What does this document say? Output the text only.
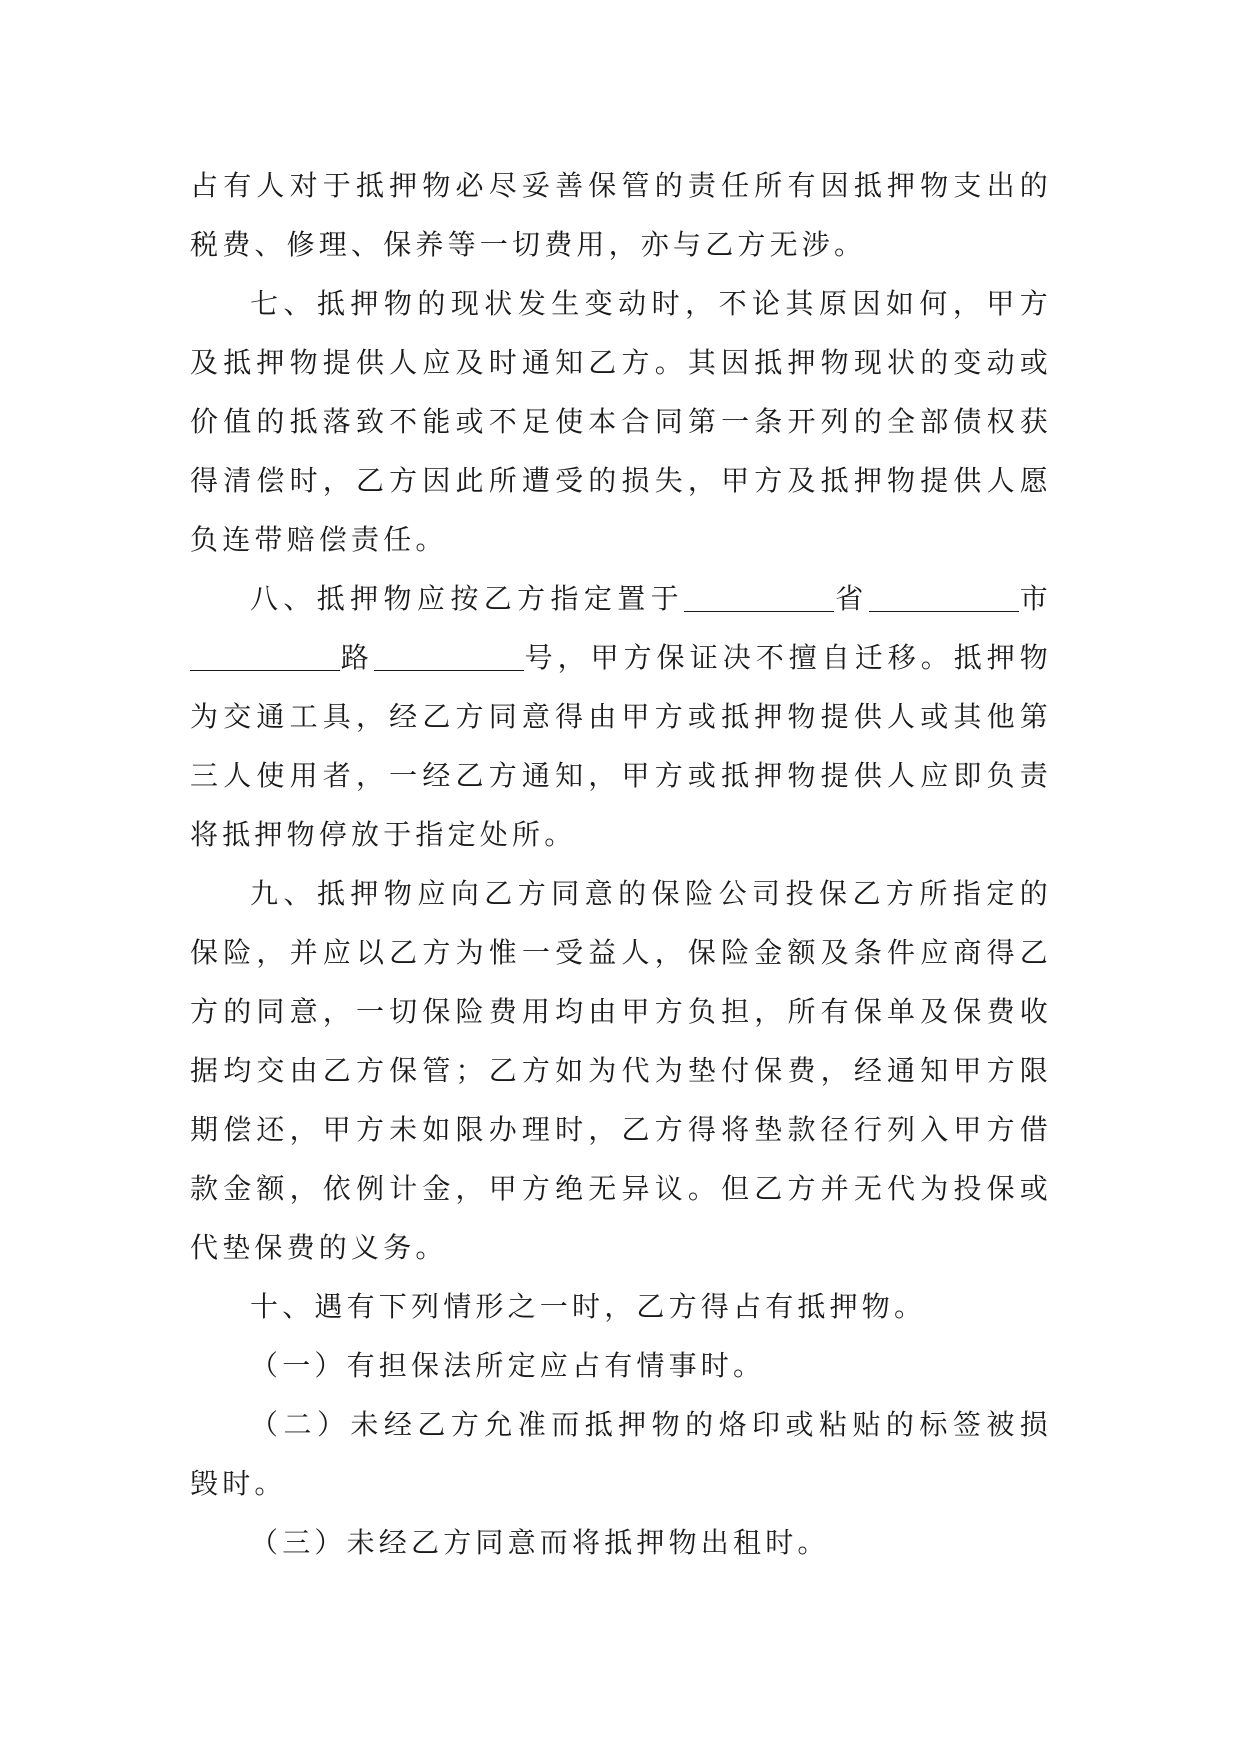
占有人对于抵押物必尽妥善保管的责任所有因抵押物支出的税费、修理、保养等一切费用，亦与乙方无涉。

七、抵押物的现状发生变动时，不论其原因如何，甲方及抵押物提供人应及时通知乙方。其因抵押物现状的变动或价值的抵落致不能或不足使本合同第一条开列的全部债权获得清偿时，乙方因此所遭受的损失，甲方及抵押物提供人愿负连带赔偿责任。

八、抵押物应按乙方指定置于	省	市路	号，甲方保证决不擅自迁移。抵押物为交通工具，经乙方同意得由甲方或抵押物提供人或其他第三人使用者，一经乙方通知，甲方或抵押物提供人应即负责将抵押物停放于指定处所。

九、抵押物应向乙方同意的保险公司投保乙方所指定的保险，并应以乙方为惟一受益人，保险金额及条件应商得乙方的同意，一切保险费用均由甲方负担，所有保单及保费收据均交由乙方保管；乙方如为代为垫付保费，经通知甲方限期偿还，甲方未如限办理时，乙方得将垫款径行列入甲方借款金额，依例计金，甲方绝无异议。但乙方并无代为投保或代垫保费的义务。

十、遇有下列情形之一时，乙方得占有抵押物。

（一）有担保法所定应占有情事时。

（二）未经乙方允准而抵押物的烙印或粘贴的标签被损毁时。

（三）未经乙方同意而将抵押物出租时。
